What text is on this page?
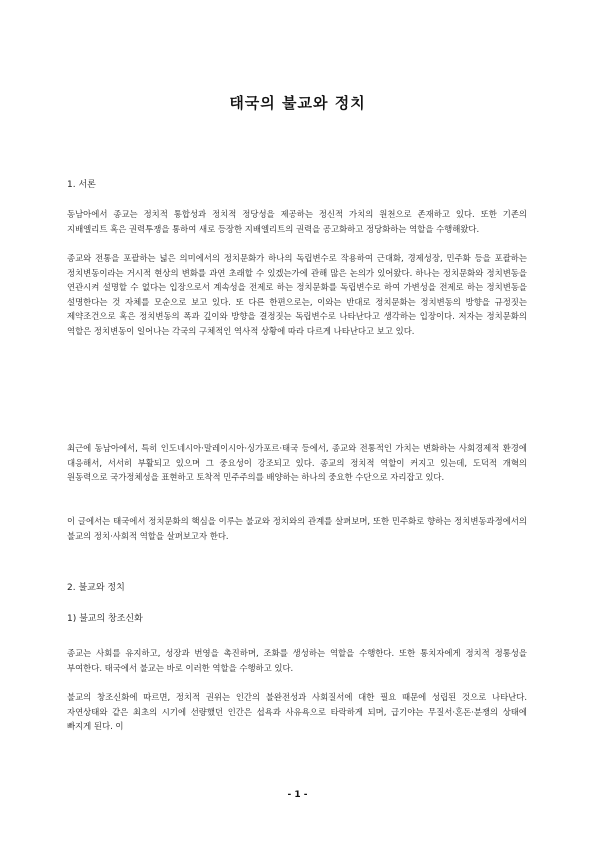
태국의 불교와 정치
1. 서론

동남아에서 종교는 정치적 통합성과 정치적 정당성을 제공하는 정신적 가치의 원천으로 존재하고 있다. 또한 기존의 지배엘리트 혹은 권력투쟁을 통하여 새로 등장한 지배엘리트의 권력을 공고화하고 정당화하는 역할을 수행해왔다.

종교와 전통을 포괄하는 넓은 의미에서의 정치문화가 하나의 독립변수로 작용하여 근대화, 경제성장, 민주화 등을 포괄하는 정치변동이라는 거시적 현상의 변화를 과연 초래할 수 있겠는가에 관해 많은 논의가 있어왔다. 하나는 정치문화와 정치변동을 연관시켜 설명할 수 없다는 입장으로서 계속성을 전제로 하는 정치문화를 독립변수로 하여 가변성을 전제로 하는 정치변동을 설명한다는 것 자체를 모순으로 보고 있다. 또 다른 한편으로는, 이와는 반대로 정치문화는 정치변동의 방향을 규정짓는 제약조건으로 혹은 정치변동의 폭과 깊이와 방향을 결정짓는 독립변수로 나타난다고 생각하는 입장이다. 저자는 정치문화의 역할은 정치변동이 일어나는 각국의 구체적인 역사적 상황에 따라 다르게 나타난다고 보고 있다.

최근에 동남아에서, 특히 인도네시아·말레이시아·싱가포르·태국 등에서, 종교와 전통적인 가치는 변화하는 사회경제적 환경에 대응해서, 서서히 부활되고 있으며 그 중요성이 강조되고 있다. 종교의 정치적 역할이 커지고 있는데, 도덕적 개혁의 원동력으로 국가정체성을 표현하고 토착적 민주주의를 배양하는 하나의 중요한 수단으로 자리잡고 있다.

이 글에서는 태국에서 정치문화의 핵심을 이루는 불교와 정치와의 관계를 살펴보며, 또한 민주화로 향하는 정치변동과정에서의 불교의 정치·사회적 역할을 살펴보고자 한다.

2. 불교와 정치
1) 불교의 창조신화

종교는 사회를 유지하고, 성장과 번영을 촉진하며, 조화를 생성하는 역할을 수행한다. 또한 통치자에게 정치적 정통성을 부여한다. 태국에서 불교는 바로 이러한 역할을 수행하고 있다.

불교의 창조신화에 따르면, 정치적 권위는 인간의 불완전성과 사회질서에 대한 필요 때문에 성립된 것으로 나타난다. 자연상태와 같은 최초의 시기에 선량했던 인간은 섭욕과 사유욕으로 타락하게 되며, 급기야는 무질서·혼돈·분쟁의 상태에 빠지게 된다. 이

- 1 -
